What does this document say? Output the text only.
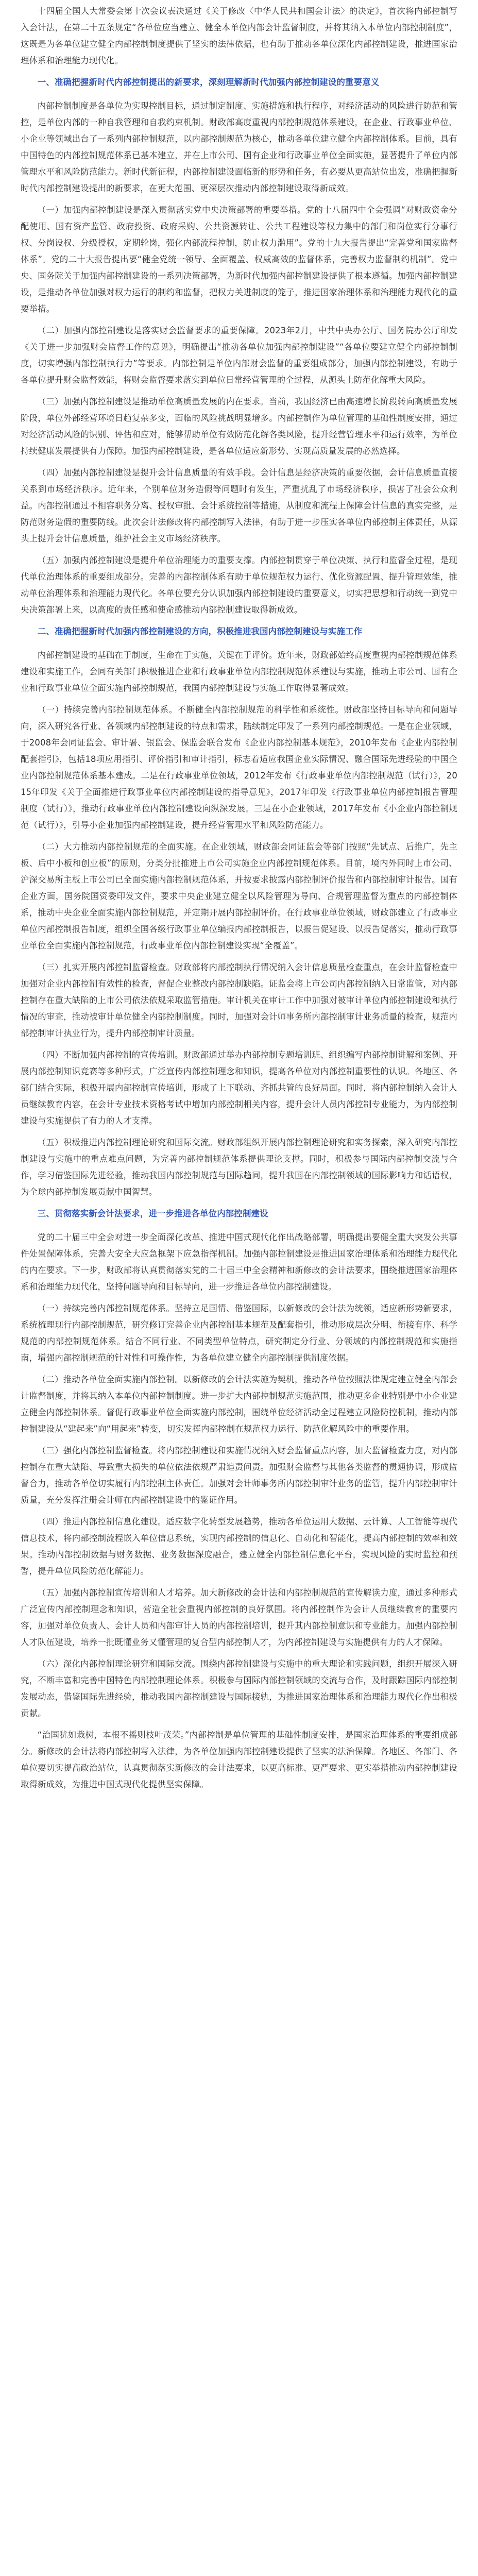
十四届全国人大常委会第十次会议表决通过《关于修改〈中华人民共和国会计法〉的决定》，首次将内部控制写入会计法，在第二十五条规定“各单位应当建立、健全本单位内部会计监督制度，并将其纳入本单位内部控制制度”，这既是为各单位建立健全内部控制制度提供了坚实的法律依据，也有助于推动各单位深化内部控制建设，推进国家治理体系和治理能力现代化。

一、准确把握新时代内部控制提出的新要求，深刻理解新时代加强内部控制建设的重要意义

内部控制制度是各单位为实现控制目标，通过制定制度、实施措施和执行程序，对经济活动的风险进行防范和管控，是单位内部的一种自我管理和自我约束机制。财政部高度重视内部控制规范体系建设，在企业、行政事业单位、小企业等领域出台了一系列内部控制规范，以内部控制规范为核心，推动各单位建立健全内部控制体系。目前，具有中国特色的内部控制规范体系已基本建立，并在上市公司、国有企业和行政事业单位全面实施，显著提升了单位内部管理水平和风险防范能力。新时代新征程，内部控制建设面临新的形势和任务，有必要从更高站位出发，准确把握新时代内部控制建设提出的新要求，在更大范围、更深层次推动内部控制建设取得新成效。

（一）加强内部控制建设是深入贯彻落实党中央决策部署的重要举措。党的十八届四中全会强调“对财政资金分配使用、国有资产监管、政府投资、政府采购、公共资源转让、公共工程建设等权力集中的部门和岗位实行分事行权、分岗设权、分级授权，定期轮岗，强化内部流程控制，防止权力滥用”。党的十九大报告提出“完善党和国家监督体系”。党的二十大报告提出要“健全党统一领导、全面覆盖、权威高效的监督体系，完善权力监督制约机制”。党中央、国务院关于加强内部控制建设的一系列决策部署，为新时代加强内部控制建设提供了根本遵循。加强内部控制建设，是推动各单位加强对权力运行的制约和监督，把权力关进制度的笼子，推进国家治理体系和治理能力现代化的重要举措。

（二）加强内部控制建设是落实财会监督要求的重要保障。2023年2月，中共中央办公厅、国务院办公厅印发《关于进一步加强财会监督工作的意见》，明确提出“推动各单位加强内部控制建设”“各单位要建立健全内部控制制度，切实增强内部控制执行力”等要求。内部控制是单位内部财会监督的重要组成部分，加强内部控制建设，有助于各单位提升财会监督效能，将财会监督要求落实到单位日常经营管理的全过程，从源头上防范化解重大风险。

（三）加强内部控制建设是推动单位高质量发展的内在要求。当前，我国经济已由高速增长阶段转向高质量发展阶段，单位外部经营环境日趋复杂多变，面临的风险挑战明显增多。内部控制作为单位管理的基础性制度安排，通过对经济活动风险的识别、评估和应对，能够帮助单位有效防范化解各类风险，提升经营管理水平和运行效率，为单位持续健康发展提供有力保障。加强内部控制建设，是各单位适应新形势、实现高质量发展的必然选择。

（四）加强内部控制建设是提升会计信息质量的有效手段。会计信息是经济决策的重要依据，会计信息质量直接关系到市场经济秩序。近年来，个别单位财务造假等问题时有发生，严重扰乱了市场经济秩序，损害了社会公众利益。内部控制通过不相容职务分离、授权审批、会计系统控制等措施，从制度和流程上保障会计信息的真实完整，是防范财务造假的重要防线。此次会计法修改将内部控制写入法律，有助于进一步压实各单位内部控制主体责任，从源头上提升会计信息质量，维护社会主义市场经济秩序。

（五）加强内部控制建设是提升单位治理能力的重要支撑。内部控制贯穿于单位决策、执行和监督全过程，是现代单位治理体系的重要组成部分。完善的内部控制体系有助于单位规范权力运行、优化资源配置、提升管理效能，推动单位治理体系和治理能力现代化。各单位要充分认识加强内部控制建设的重要意义，切实把思想和行动统一到党中央决策部署上来，以高度的责任感和使命感推动内部控制建设取得新成效。

二、准确把握新时代加强内部控制建设的方向，积极推进我国内部控制建设与实施工作

内部控制建设的基础在于制度，生命在于实施，关键在于评价。近年来，财政部始终高度重视内部控制规范体系建设和实施工作，会同有关部门积极推进企业和行政事业单位内部控制规范体系建设与实施，推动上市公司、国有企业和行政事业单位全面实施内部控制规范，我国内部控制建设与实施工作取得显著成效。

（一）持续完善内部控制规范体系。不断健全内部控制规范的科学性和系统性。财政部坚持目标导向和问题导向，深入研究各行业、各领域内部控制建设的特点和需求，陆续制定印发了一系列内部控制规范。一是在企业领域，于2008年会同证监会、审计署、银监会、保监会联合发布《企业内部控制基本规范》，2010年发布《企业内部控制配套指引》，包括18项应用指引、评价指引和审计指引，标志着适应我国企业实际情况、融合国际先进经验的中国企业内部控制规范体系基本建成。二是在行政事业单位领域，2012年发布《行政事业单位内部控制规范（试行）》，2015年印发《关于全面推进行政事业单位内部控制建设的指导意见》，2017年印发《行政事业单位内部控制报告管理制度（试行）》，推动行政事业单位内部控制建设向纵深发展。三是在小企业领域，2017年发布《小企业内部控制规范（试行）》，引导小企业加强内部控制建设，提升经营管理水平和风险防范能力。

（二）大力推动内部控制规范的全面实施。在企业领域，财政部会同证监会等部门按照“先试点、后推广，先主板、后中小板和创业板”的原则，分类分批推进上市公司实施企业内部控制规范体系。目前，境内外同时上市公司、沪深交易所主板上市公司已全面实施内部控制规范体系，并按要求披露内部控制评价报告和内部控制审计报告。国有企业方面，国务院国资委印发文件，要求中央企业建立健全以风险管理为导向、合规管理监督为重点的内部控制体系，推动中央企业全面实施内部控制规范，并定期开展内部控制评价。在行政事业单位领域，财政部建立了行政事业单位内部控制报告制度，组织全国各级行政事业单位编报内部控制报告，以报告促建设、以报告促落实，推动行政事业单位全面实施内部控制规范，行政事业单位内部控制建设实现“全覆盖”。

（三）扎实开展内部控制监督检查。财政部将内部控制执行情况纳入会计信息质量检查重点，在会计监督检查中加强对企业内部控制有效性的检查，督促企业整改内部控制缺陷。证监会将上市公司内部控制纳入日常监管，对内部控制存在重大缺陷的上市公司依法依规采取监管措施。审计机关在审计工作中加强对被审计单位内部控制建设和执行情况的审查，推动被审计单位健全内部控制制度。同时，加强对会计师事务所内部控制审计业务质量的检查，规范内部控制审计执业行为，提升内部控制审计质量。

（四）不断加强内部控制的宣传培训。财政部通过举办内部控制专题培训班、组织编写内部控制讲解和案例、开展内部控制知识竞赛等多种形式，广泛宣传内部控制理念和知识，提高各单位对内部控制重要性的认识。各地区、各部门结合实际，积极开展内部控制宣传培训，形成了上下联动、齐抓共管的良好局面。同时，将内部控制纳入会计人员继续教育内容，在会计专业技术资格考试中增加内部控制相关内容，提升会计人员内部控制专业能力，为内部控制建设与实施提供了有力的人才支撑。

（五）积极推进内部控制理论研究和国际交流。财政部组织开展内部控制理论研究和实务探索，深入研究内部控制建设与实施中的重点难点问题，为完善内部控制规范体系提供理论支撑。同时，积极参与国际内部控制交流与合作，学习借鉴国际先进经验，推动我国内部控制规范与国际趋同，提升我国在内部控制领域的国际影响力和话语权，为全球内部控制发展贡献中国智慧。

三、贯彻落实新会计法要求，进一步推进各单位内部控制建设

党的二十届三中全会对进一步全面深化改革、推进中国式现代化作出战略部署，明确提出要健全重大突发公共事件处置保障体系，完善大安全大应急框架下应急指挥机制。加强内部控制建设是推进国家治理体系和治理能力现代化的内在要求。下一步，财政部将认真贯彻落实党的二十届三中全会精神和新修改的会计法要求，围绕推进国家治理体系和治理能力现代化，坚持问题导向和目标导向，进一步推进各单位内部控制建设。

（一）持续完善内部控制规范体系。坚持立足国情、借鉴国际，以新修改的会计法为统领，适应新形势新要求，系统梳理现行内部控制规范，研究修订完善企业内部控制基本规范及配套指引，推动形成层次分明、衔接有序、科学规范的内部控制规范体系。结合不同行业、不同类型单位特点，研究制定分行业、分领域的内部控制规范和实施指南，增强内部控制规范的针对性和可操作性，为各单位建立健全内部控制提供制度依据。

（二）推动各单位全面实施内部控制。以新修改的会计法实施为契机，推动各单位按照法律规定建立健全内部会计监督制度，并将其纳入本单位内部控制制度。进一步扩大内部控制规范实施范围，推动更多企业特别是中小企业建立健全内部控制体系。督促行政事业单位全面实施内部控制，围绕单位经济活动全过程建立风险防控机制，推动内部控制建设从“建起来”向“用起来”转变，切实发挥内部控制在规范权力运行、防范化解风险中的重要作用。

（三）强化内部控制监督检查。将内部控制建设和实施情况纳入财会监督重点内容，加大监督检查力度，对内部控制存在重大缺陷、导致重大损失的单位依法依规严肃追责问责。加强财会监督与其他各类监督的贯通协调，形成监督合力，推动各单位切实履行内部控制主体责任。加强对会计师事务所内部控制审计业务的监管，提升内部控制审计质量，充分发挥注册会计师在内部控制建设中的鉴证作用。

（四）推进内部控制信息化建设。适应数字化转型发展趋势，推动各单位运用大数据、云计算、人工智能等现代信息技术，将内部控制流程嵌入单位信息系统，实现内部控制的信息化、自动化和智能化，提高内部控制的效率和效果。推动内部控制数据与财务数据、业务数据深度融合，建立健全内部控制信息化平台，实现风险的实时监控和预警，提升单位风险防范化解能力。

（五）加强内部控制宣传培训和人才培养。加大新修改的会计法和内部控制规范的宣传解读力度，通过多种形式广泛宣传内部控制理念和知识，营造全社会重视内部控制的良好氛围。将内部控制作为会计人员继续教育的重要内容，加强对单位负责人、会计人员和内部审计人员的内部控制培训，提升其内部控制意识和专业能力。加强内部控制人才队伍建设，培养一批既懂业务又懂管理的复合型内部控制人才，为内部控制建设与实施提供有力的人才保障。

（六）深化内部控制理论研究和国际交流。围绕内部控制建设与实施中的重大理论和实践问题，组织开展深入研究，不断丰富和完善中国特色内部控制理论体系。积极参与国际内部控制领域的交流与合作，及时跟踪国际内部控制发展动态，借鉴国际先进经验，推动我国内部控制建设与国际接轨，为推进国家治理体系和治理能力现代化作出积极贡献。

“治国犹如栽树，本根不摇则枝叶茂荣。”内部控制是单位管理的基础性制度安排，是国家治理体系的重要组成部分。新修改的会计法将内部控制写入法律，为各单位加强内部控制建设提供了坚实的法治保障。各地区、各部门、各单位要切实提高政治站位，认真贯彻落实新修改的会计法要求，以更高标准、更严要求、更实举措推动内部控制建设取得新成效，为推进中国式现代化提供坚实保障。
